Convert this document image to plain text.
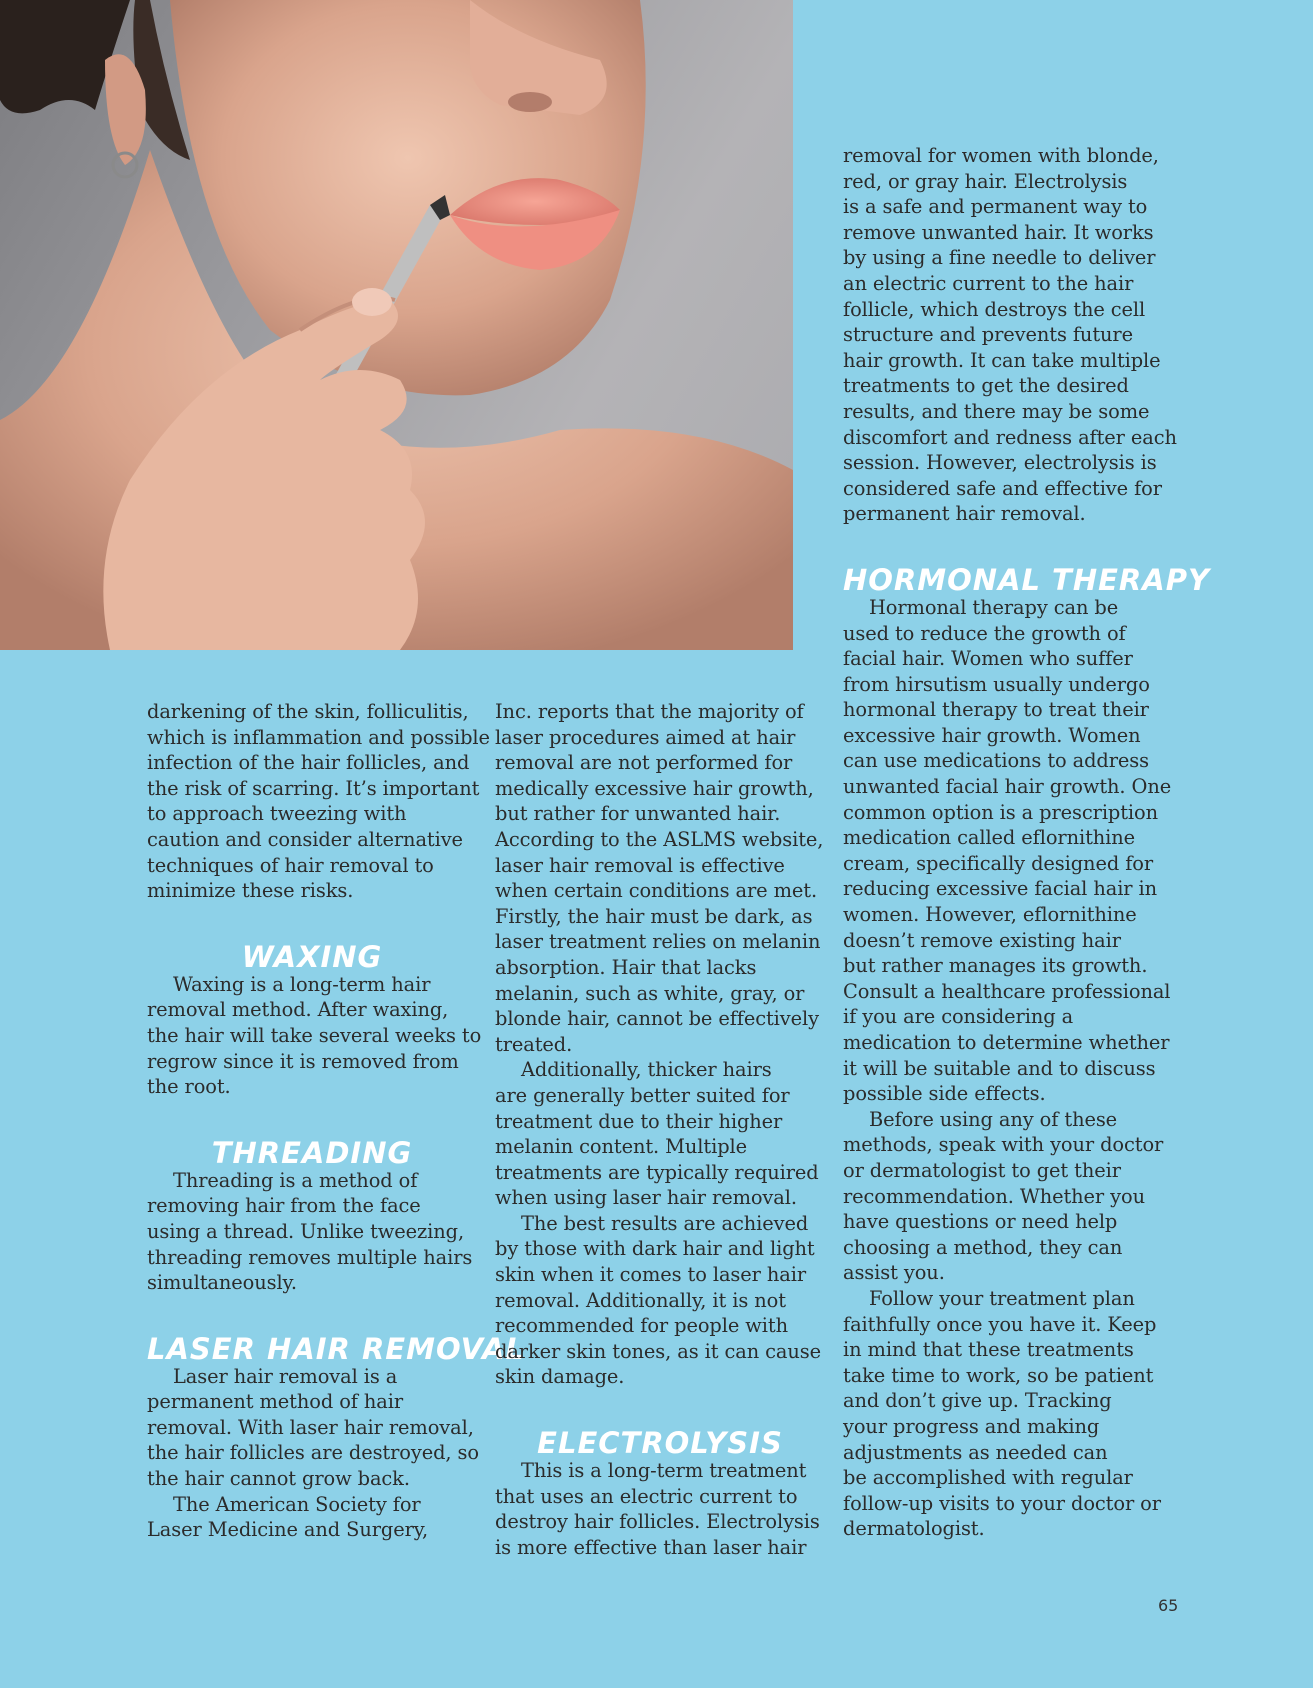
darkening of the skin, folliculitis,

which is inflammation and possible

infection of the hair follicles, and

the risk of scarring. It’s important

to approach tweezing with

caution and consider alternative

techniques of hair removal to

minimize these risks.

WAXING

Waxing is a long-term hair

removal method. After waxing,

the hair will take several weeks to

regrow since it is removed from

the root.

THREADING

Threading is a method of

removing hair from the face

using a thread. Unlike tweezing,

threading removes multiple hairs

simultaneously.

LASER HAIR REMOVAL

Laser hair removal is a

permanent method of hair

removal. With laser hair removal,

the hair follicles are destroyed, so

the hair cannot grow back.

The American Society for

Laser Medicine and Surgery,

Inc. reports that the majority of

laser procedures aimed at hair

removal are not performed for

medically excessive hair growth,

but rather for unwanted hair.

According to the ASLMS website,

laser hair removal is effective

when certain conditions are met.

Firstly, the hair must be dark, as

laser treatment relies on melanin

absorption. Hair that lacks

melanin, such as white, gray, or

blonde hair, cannot be effectively

treated.

Additionally, thicker hairs

are generally better suited for

treatment due to their higher

melanin content. Multiple

treatments are typically required

when using laser hair removal.

The best results are achieved

by those with dark hair and light

skin when it comes to laser hair

removal. Additionally, it is not

recommended for people with

darker skin tones, as it can cause

skin damage.

ELECTROLYSIS

This is a long-term treatment

that uses an electric current to

destroy hair follicles. Electrolysis

is more effective than laser hair

removal for women with blonde,

red, or gray hair. Electrolysis

is a safe and permanent way to

remove unwanted hair. It works

by using a fine needle to deliver

an electric current to the hair

follicle, which destroys the cell

structure and prevents future

hair growth. It can take multiple

treatments to get the desired

results, and there may be some

discomfort and redness after each

session. However, electrolysis is

considered safe and effective for

permanent hair removal.

HORMONAL THERAPY

Hormonal therapy can be

used to reduce the growth of

facial hair. Women who suffer

from hirsutism usually undergo

hormonal therapy to treat their

excessive hair growth. Women

can use medications to address

unwanted facial hair growth. One

common option is a prescription

medication called eflornithine

cream, specifically designed for

reducing excessive facial hair in

women. However, eflornithine

doesn’t remove existing hair

but rather manages its growth.

Consult a healthcare professional

if you are considering a

medication to determine whether

it will be suitable and to discuss

possible side effects.

Before using any of these

methods, speak with your doctor

or dermatologist to get their

recommendation. Whether you

have questions or need help

choosing a method, they can

assist you.

Follow your treatment plan

faithfully once you have it. Keep

in mind that these treatments

take time to work, so be patient

and don’t give up. Tracking

your progress and making

adjustments as needed can

be accomplished with regular

follow-up visits to your doctor or

dermatologist.

65
